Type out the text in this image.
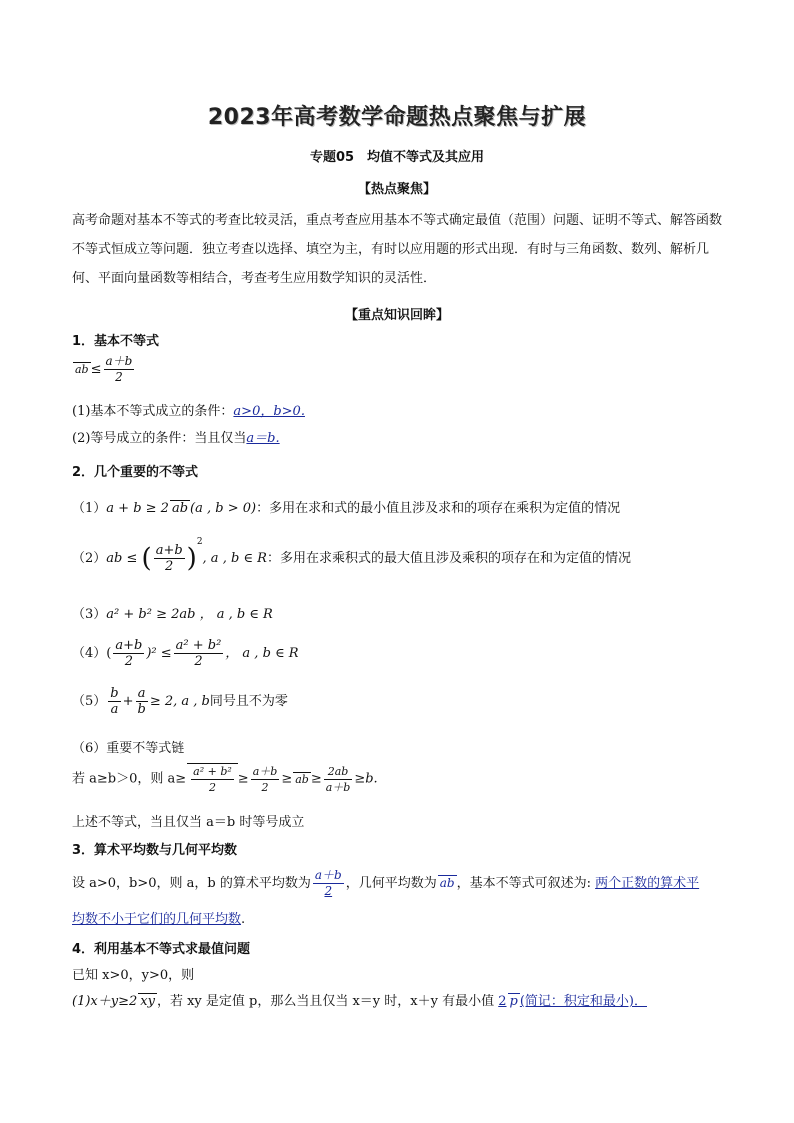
2023年高考数学命题热点聚焦与扩展
专题05　均值不等式及其应用
【热点聚焦】
高考命题对基本不等式的考查比较灵活，重点考查应用基本不等式确定最值（范围）问题、证明不等式、解答函数不等式恒成立等问题．独立考查以选择、填空为主，有时以应用题的形式出现．有时与三角函数、数列、解析几何、平面向量函数等相结合，考查考生应用数学知识的灵活性．
【重点知识回眸】
1．基本不等式
ab ≤ $\frac{a+b}{2}$
(1)基本不等式成立的条件：a>0，b>0.
(2)等号成立的条件：当且仅当a＝b.
2．几个重要的不等式
（1）a + b ≥ 2 ab (a , b > 0)：多用在求和式的最小值且涉及求和的项存在乘积为定值的情况
（2）ab ≤ ( $\frac{a+b}{2} )^2$, a , b ∈ R：多用在求乘积式的最大值且涉及乘积的项存在和为定值的情况
（3）a² + b² ≥ 2ab ， a , b ∈ R
$(4)( \frac{a+b}{2} )^2 \le \frac{\text{a² + b²}}{2}$ ， a , b ∈ R
$(5) \frac{b}{a} + \frac{a}{b} \ge 2$, a , b同号且不为零
（6）重要不等式链
若 a≥b＞0，则 $a\ge \frac{\text{a² + b²}}{2} \ge \frac{a+b}{2}$ ≥ ab ≥ $\frac{2ab}{a+b} \ge b$.
上述不等式，当且仅当 a＝b 时等号成立
3．算术平均数与几何平均数
设 a>0，b>0，则 a，b 的算术平均数为 $\frac{a+b}{2}$ ，几何平均数为 ab ，基本不等式可叙述为: 两个正数的算术平
均数不小于它们的几何平均数.
4．利用基本不等式求最值问题
已知 x>0，y>0，则
(1)x＋y≥2 xy ，若 xy 是定值 p，那么当且仅当 x＝y 时，x＋y 有最小值 2 p (简记：积定和最小)．
